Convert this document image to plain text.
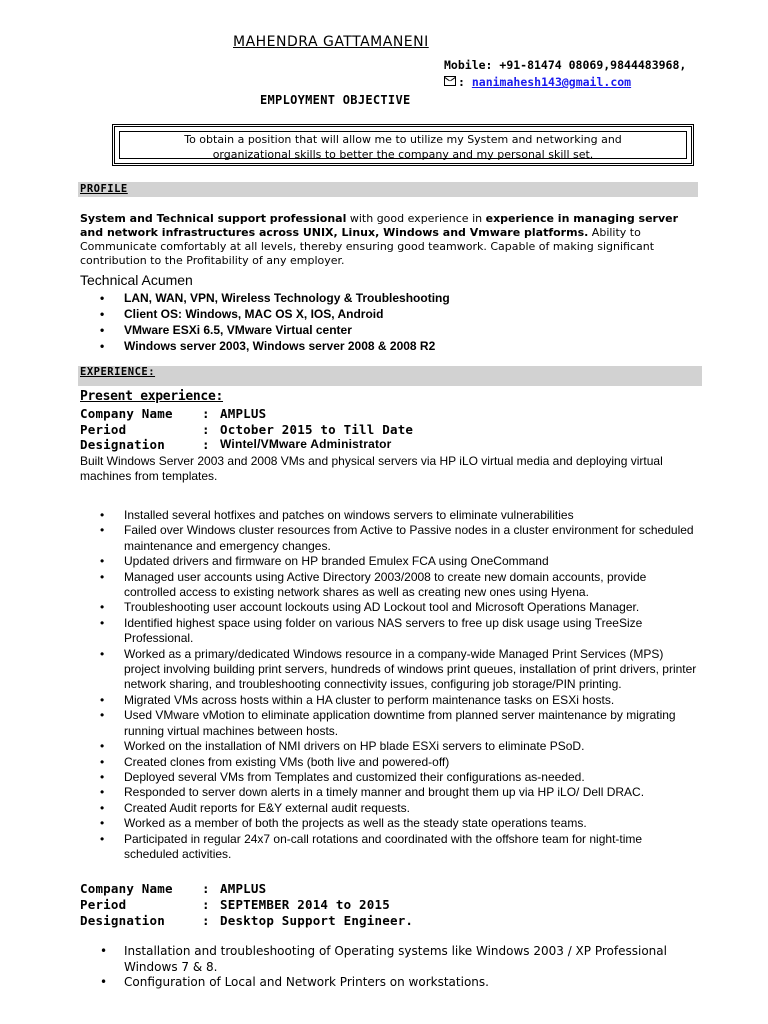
MAHENDRA GATTAMANENI
Mobile: +91-81474 08069,9844483968,
: nanimahesh143@gmail.com
EMPLOYMENT OBJECTIVE
To obtain a position that will allow me to utilize my System and networking and
organizational skills to better the company and my personal skill set.
PROFILE
System and Technical support professional with good experience in experience in managing server and network infrastructures across UNIX, Linux, Windows and Vmware platforms. Ability to Communicate comfortably at all levels, thereby ensuring good teamwork. Capable of making significant contribution to the Profitability of any employer.
Technical Acumen
• LAN, WAN, VPN, Wireless Technology & Troubleshooting
• Client OS: Windows, MAC OS X, IOS, Android
• VMware ESXi 6.5, VMware Virtual center
• Windows server 2003, Windows server 2008 & 2008 R2
EXPERIENCE:
Present experience:
Company Name : AMPLUS
Period	: October 2015 to Till Date
Designation	: Wintel/VMware Administrator
Built Windows Server 2003 and 2008 VMs and physical servers via HP iLO virtual media and deploying virtual machines from templates.
• Installed several hotfixes and patches on windows servers to eliminate vulnerabilities
• Failed over Windows cluster resources from Active to Passive nodes in a cluster environment for scheduled maintenance and emergency changes.
• Updated drivers and firmware on HP branded Emulex FCA using OneCommand
• Managed user accounts using Active Directory 2003/2008 to create new domain accounts, provide controlled access to existing network shares as well as creating new ones using Hyena.
• Troubleshooting user account lockouts using AD Lockout tool and Microsoft Operations Manager.
• Identified highest space using folder on various NAS servers to free up disk usage using TreeSize Professional.
• Worked as a primary/dedicated Windows resource in a company-wide Managed Print Services (MPS) project involving building print servers, hundreds of windows print queues, installation of print drivers, printer network sharing, and troubleshooting connectivity issues, configuring job storage/PIN printing.
• Migrated VMs across hosts within a HA cluster to perform maintenance tasks on ESXi hosts.
• Used VMware vMotion to eliminate application downtime from planned server maintenance by migrating running virtual machines between hosts.
• Worked on the installation of NMI drivers on HP blade ESXi servers to eliminate PSoD.
• Created clones from existing VMs (both live and powered-off)
• Deployed several VMs from Templates and customized their configurations as-needed.
• Responded to server down alerts in a timely manner and brought them up via HP iLO/ Dell DRAC.
• Created Audit reports for E&Y external audit requests.
• Worked as a member of both the projects as well as the steady state operations teams.
• Participated in regular 24x7 on-call rotations and coordinated with the offshore team for night-time scheduled activities.
Company Name : AMPLUS
Period	: SEPTEMBER 2014 to 2015
Designation	: Desktop Support Engineer.
• Installation and troubleshooting of Operating systems like Windows 2003 / XP Professional Windows 7 & 8.
• Configuration of Local and Network Printers on workstations.
